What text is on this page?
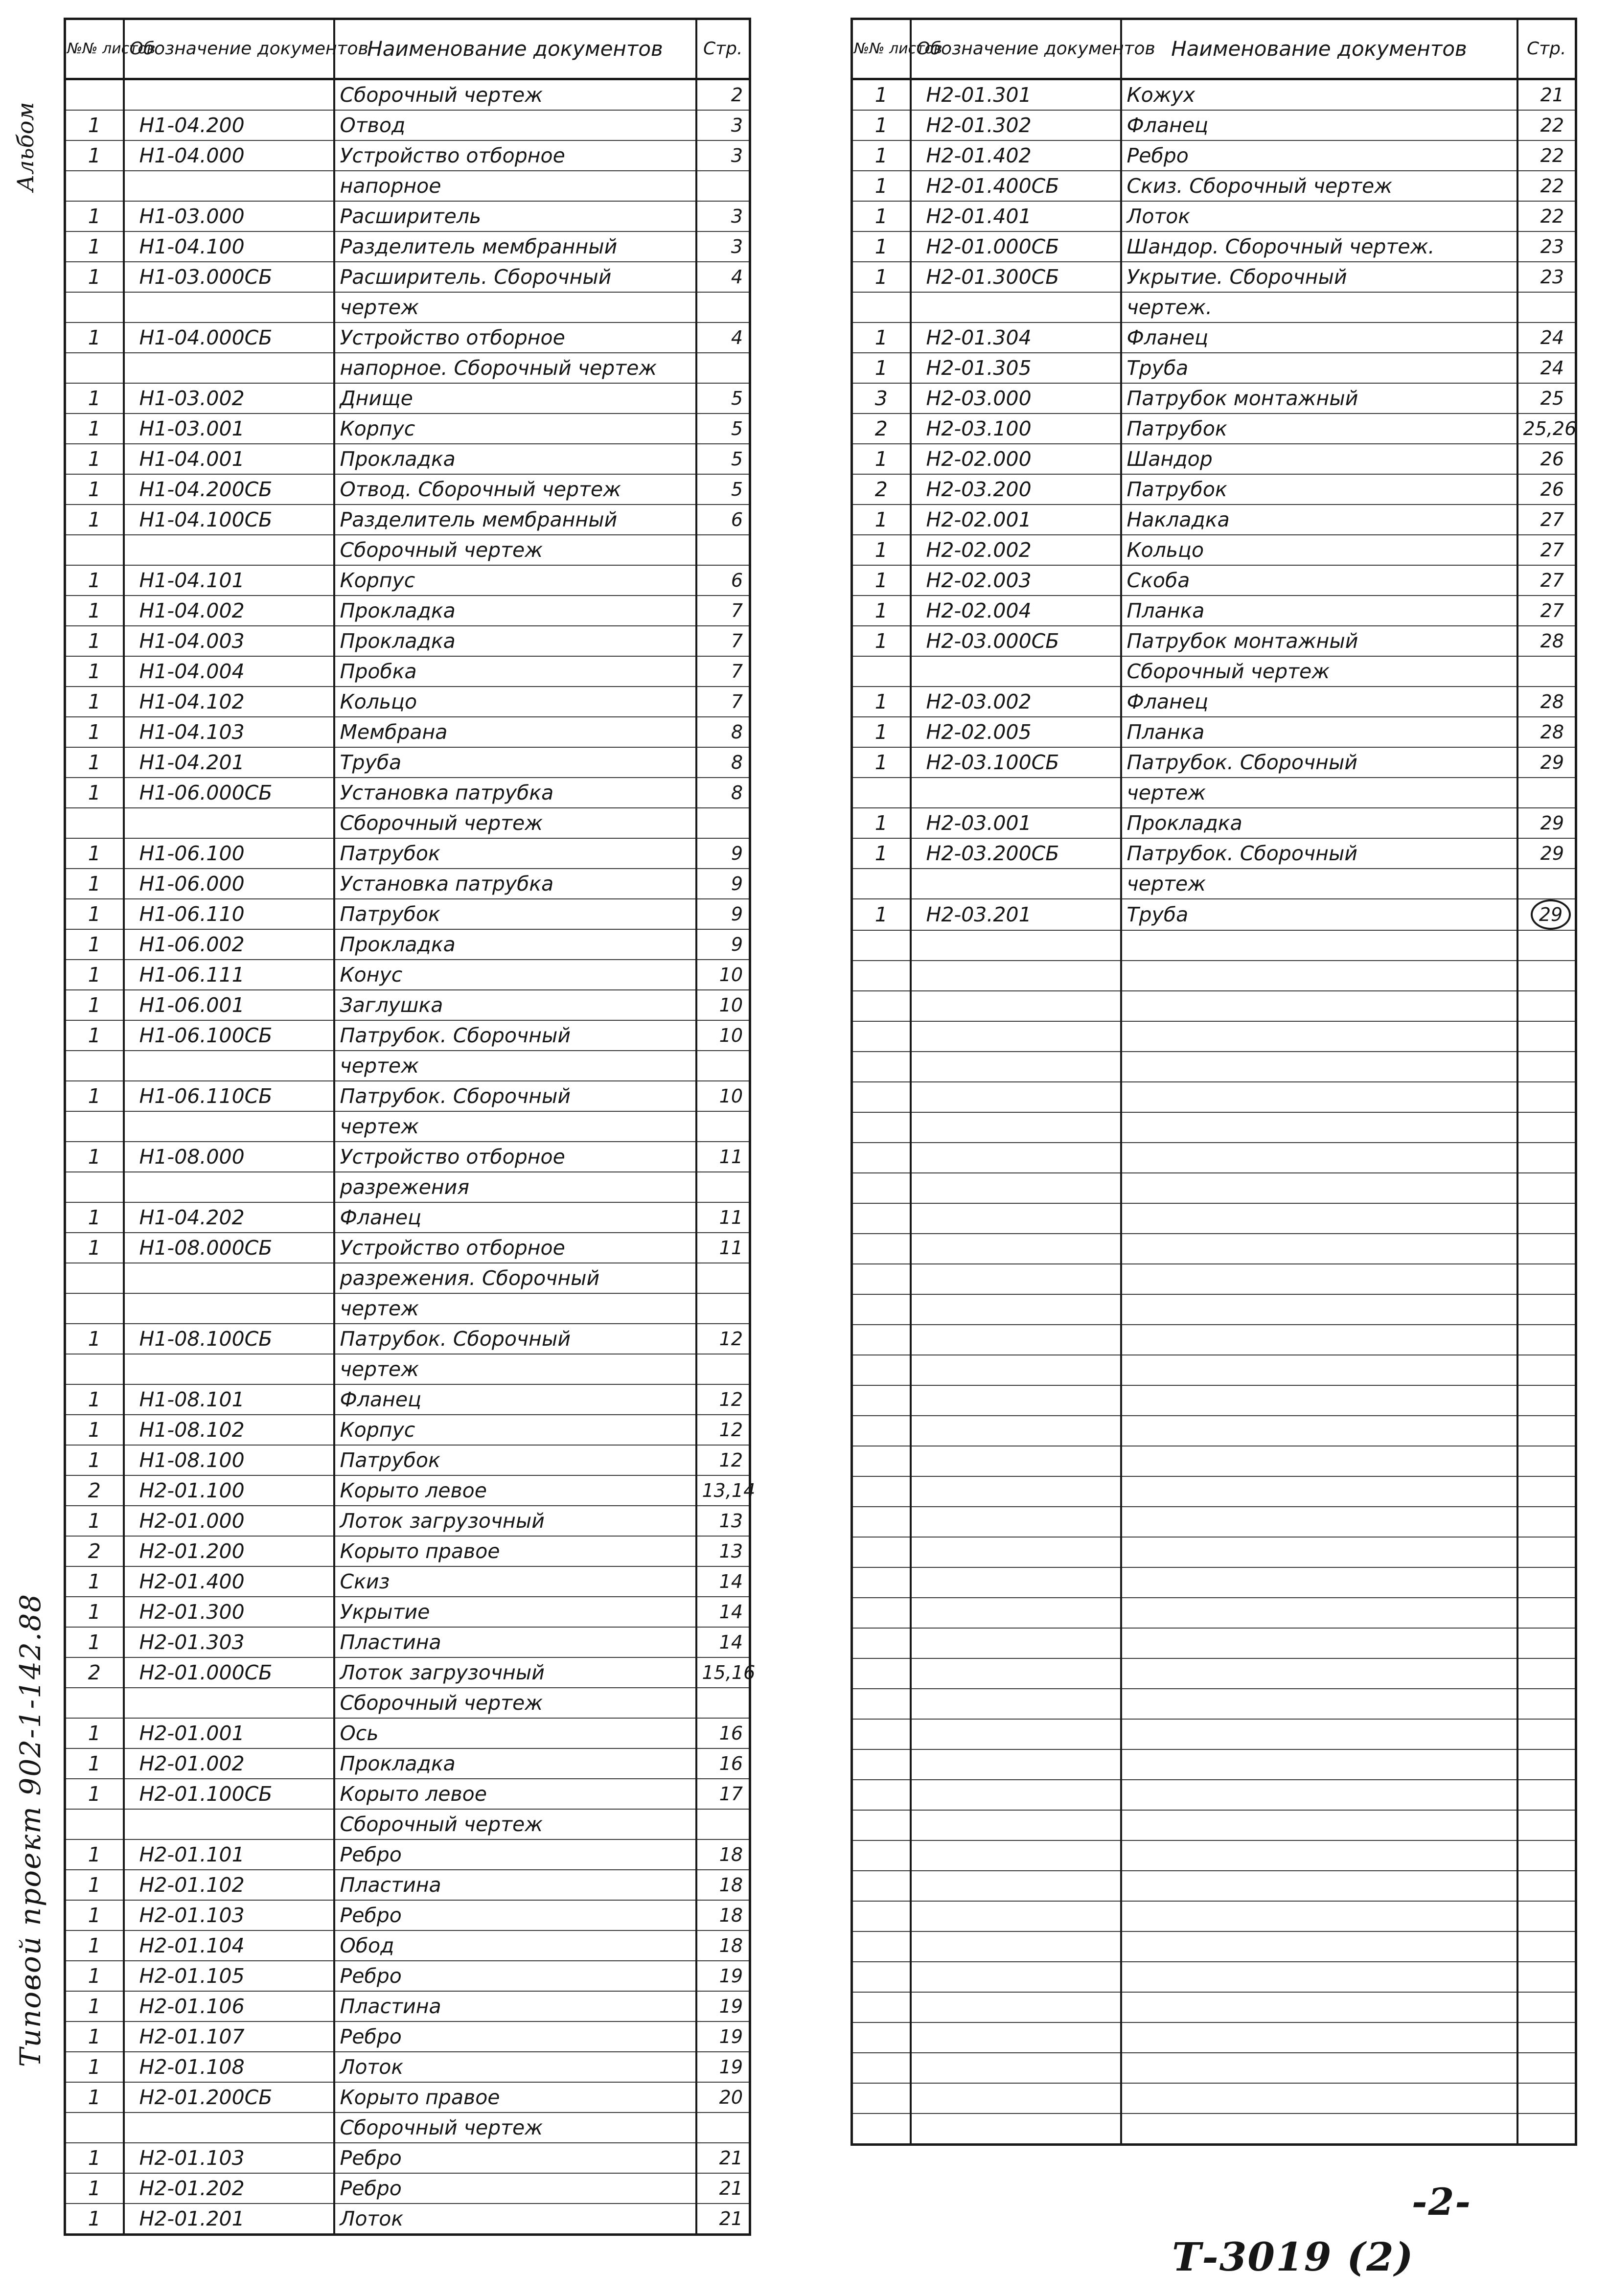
Альбом
Типовой проект 902-1-142.88
№№ листов	Обозначение документов	Наименование документов	Стр.
		Сборочный чертеж	2
1	Н1-04.200	Отвод	3
1	Н1-04.000	Устройство отборное	3
		напорное	
1	Н1-03.000	Расширитель	3
1	Н1-04.100	Разделитель мембранный	3
1	Н1-03.000СБ	Расширитель. Сборочный	4
		чертеж	
1	Н1-04.000СБ	Устройство отборное	4
		напорное. Сборочный чертеж	
1	Н1-03.002	Днище	5
1	Н1-03.001	Корпус	5
1	Н1-04.001	Прокладка	5
1	Н1-04.200СБ	Отвод. Сборочный чертеж	5
1	Н1-04.100СБ	Разделитель мембранный	6
		Сборочный чертеж	
1	Н1-04.101	Корпус	6
1	Н1-04.002	Прокладка	7
1	Н1-04.003	Прокладка	7
1	Н1-04.004	Пробка	7
1	Н1-04.102	Кольцо	7
1	Н1-04.103	Мембрана	8
1	Н1-04.201	Труба	8
1	Н1-06.000СБ	Установка патрубка	8
		Сборочный чертеж	
1	Н1-06.100	Патрубок	9
1	Н1-06.000	Установка патрубка	9
1	Н1-06.110	Патрубок	9
1	Н1-06.002	Прокладка	9
1	Н1-06.111	Конус	10
1	Н1-06.001	Заглушка	10
1	Н1-06.100СБ	Патрубок. Сборочный	10
		чертеж	
1	Н1-06.110СБ	Патрубок. Сборочный	10
		чертеж	
1	Н1-08.000	Устройство отборное	11
		разрежения	
1	Н1-04.202	Фланец	11
1	Н1-08.000СБ	Устройство отборное	11
		разрежения. Сборочный	
		чертеж	
1	Н1-08.100СБ	Патрубок. Сборочный	12
		чертеж	
1	Н1-08.101	Фланец	12
1	Н1-08.102	Корпус	12
1	Н1-08.100	Патрубок	12
2	Н2-01.100	Корыто левое	13,14
1	Н2-01.000	Лоток загрузочный	13
2	Н2-01.200	Корыто правое	13
1	Н2-01.400	Скиз	14
1	Н2-01.300	Укрытие	14
1	Н2-01.303	Пластина	14
2	Н2-01.000СБ	Лоток загрузочный	15,16
		Сборочный чертеж	
1	Н2-01.001	Ось	16
1	Н2-01.002	Прокладка	16
1	Н2-01.100СБ	Корыто левое	17
		Сборочный чертеж	
1	Н2-01.101	Ребро	18
1	Н2-01.102	Пластина	18
1	Н2-01.103	Ребро	18
1	Н2-01.104	Обод	18
1	Н2-01.105	Ребро	19
1	Н2-01.106	Пластина	19
1	Н2-01.107	Ребро	19
1	Н2-01.108	Лоток	19
1	Н2-01.200СБ	Корыто правое	20
		Сборочный чертеж	
1	Н2-01.103	Ребро	21
1	Н2-01.202	Ребро	21
1	Н2-01.201	Лоток	21
№№ листов	Обозначение документов	Наименование документов	Стр.
1	Н2-01.301	Кожух	21
1	Н2-01.302	Фланец	22
1	Н2-01.402	Ребро	22
1	Н2-01.400СБ	Скиз. Сборочный чертеж	22
1	Н2-01.401	Лоток	22
1	Н2-01.000СБ	Шандор. Сборочный чертеж.	23
1	Н2-01.300СБ	Укрытие. Сборочный	23
		чертеж.	
1	Н2-01.304	Фланец	24
1	Н2-01.305	Труба	24
3	Н2-03.000	Патрубок монтажный	25
2	Н2-03.100	Патрубок	25,26
1	Н2-02.000	Шандор	26
2	Н2-03.200	Патрубок	26
1	Н2-02.001	Накладка	27
1	Н2-02.002	Кольцо	27
1	Н2-02.003	Скоба	27
1	Н2-02.004	Планка	27
1	Н2-03.000СБ	Патрубок монтажный	28
		Сборочный чертеж	
1	Н2-03.002	Фланец	28
1	Н2-02.005	Планка	28
1	Н2-03.100СБ	Патрубок. Сборочный	29
		чертеж	
1	Н2-03.001	Прокладка	29
1	Н2-03.200СБ	Патрубок. Сборочный	29
		чертеж	
1	Н2-03.201	Труба	29

-2-
Т-3019 (2)
